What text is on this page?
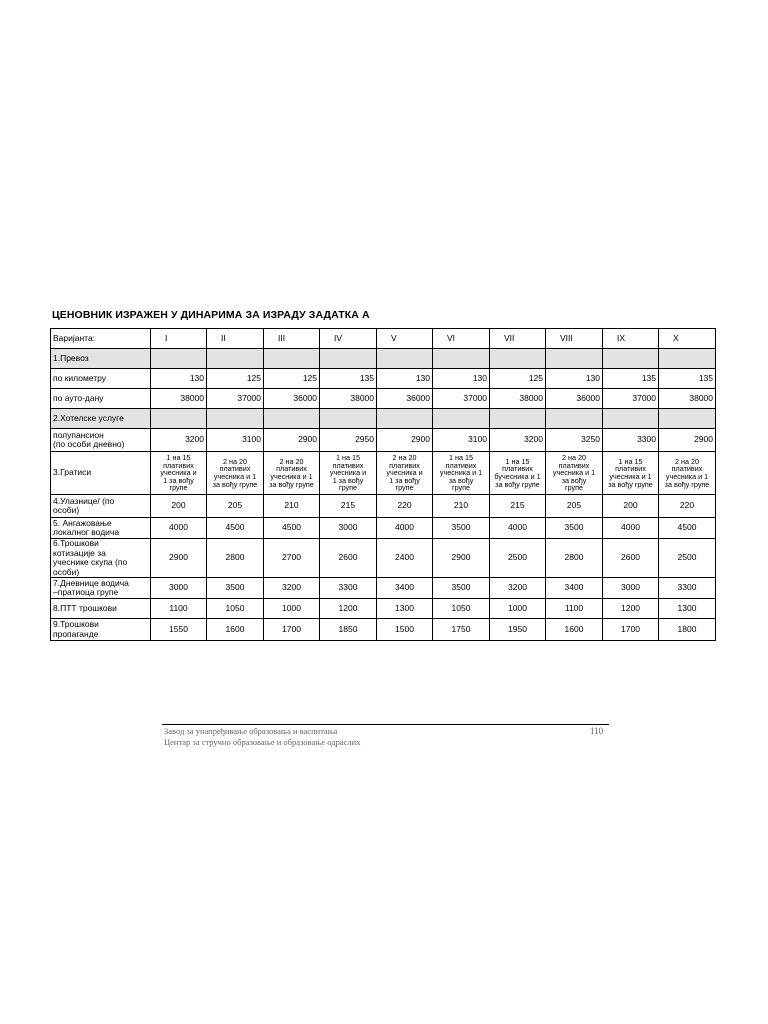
ЦЕНОВНИК ИЗРАЖЕН У ДИНАРИМА ЗА ИЗРАДУ ЗАДАТКА А
Варијанта:	I	II	III	IV	V	VI	VII	VIII	IX	X
1.Превоз										
по километру	130	125	125	135	130	130	125	130	135	135
по ауто-дану	38000	37000	36000	38000	36000	37000	38000	36000	37000	38000
2.Хотелске услуге										
полупансион
(по особи дневно)	3200	3100	2900	2950	2900	3100	3200	3250	3300	2900
3.Гратиси	1 на 15
плативих
учесника и
1 за вођу
групе	2 на 20
плативих
учесника и 1
за вођу групе	2 на 20
плативих
учесника и 1
за вођу групе	1 на 15
плативих
учесника и
1 за вођу
групе	2 на 20
плативих
учесника и
1 за вођу
групе	1 на 15
плативих
учесника и 1
за вођу
групе	1 на 15
плативих
бучесника и 1
за вођу групе	2 на 20
плативих
учесника и 1
за вођу
групе	1 на 15
плативих
учесника и 1
за вођу групе	2 на 20
плативих
учесника и 1
за вођу групе
4.Улазнице/ (по
особи)	200	205	210	215	220	210	215	205	200	220
5. Ангажовање
локалног водича	4000	4500	4500	3000	4000	3500	4000	3500	4000	4500
6.Трошкови
котизације за
учеснике скупа (по
особи)	2900	2800	2700	2600	2400	2900	2500	2800	2600	2500
7.Дневнице водича
–пратиоца групе	3000	3500	3200	3300	3400	3500	3200	3400	3000	3300
8.ПТТ трошкови	1100	1050	1000	1200	1300	1050	1000	1100	1200	1300
9.Трошкови
пропаганде	1550	1600	1700	1850	1500	1750	1950	1600	1700	1800
Завод за унапређивање образовања и васпитања
Центар за стручно образовање и образовање одраслих
110
